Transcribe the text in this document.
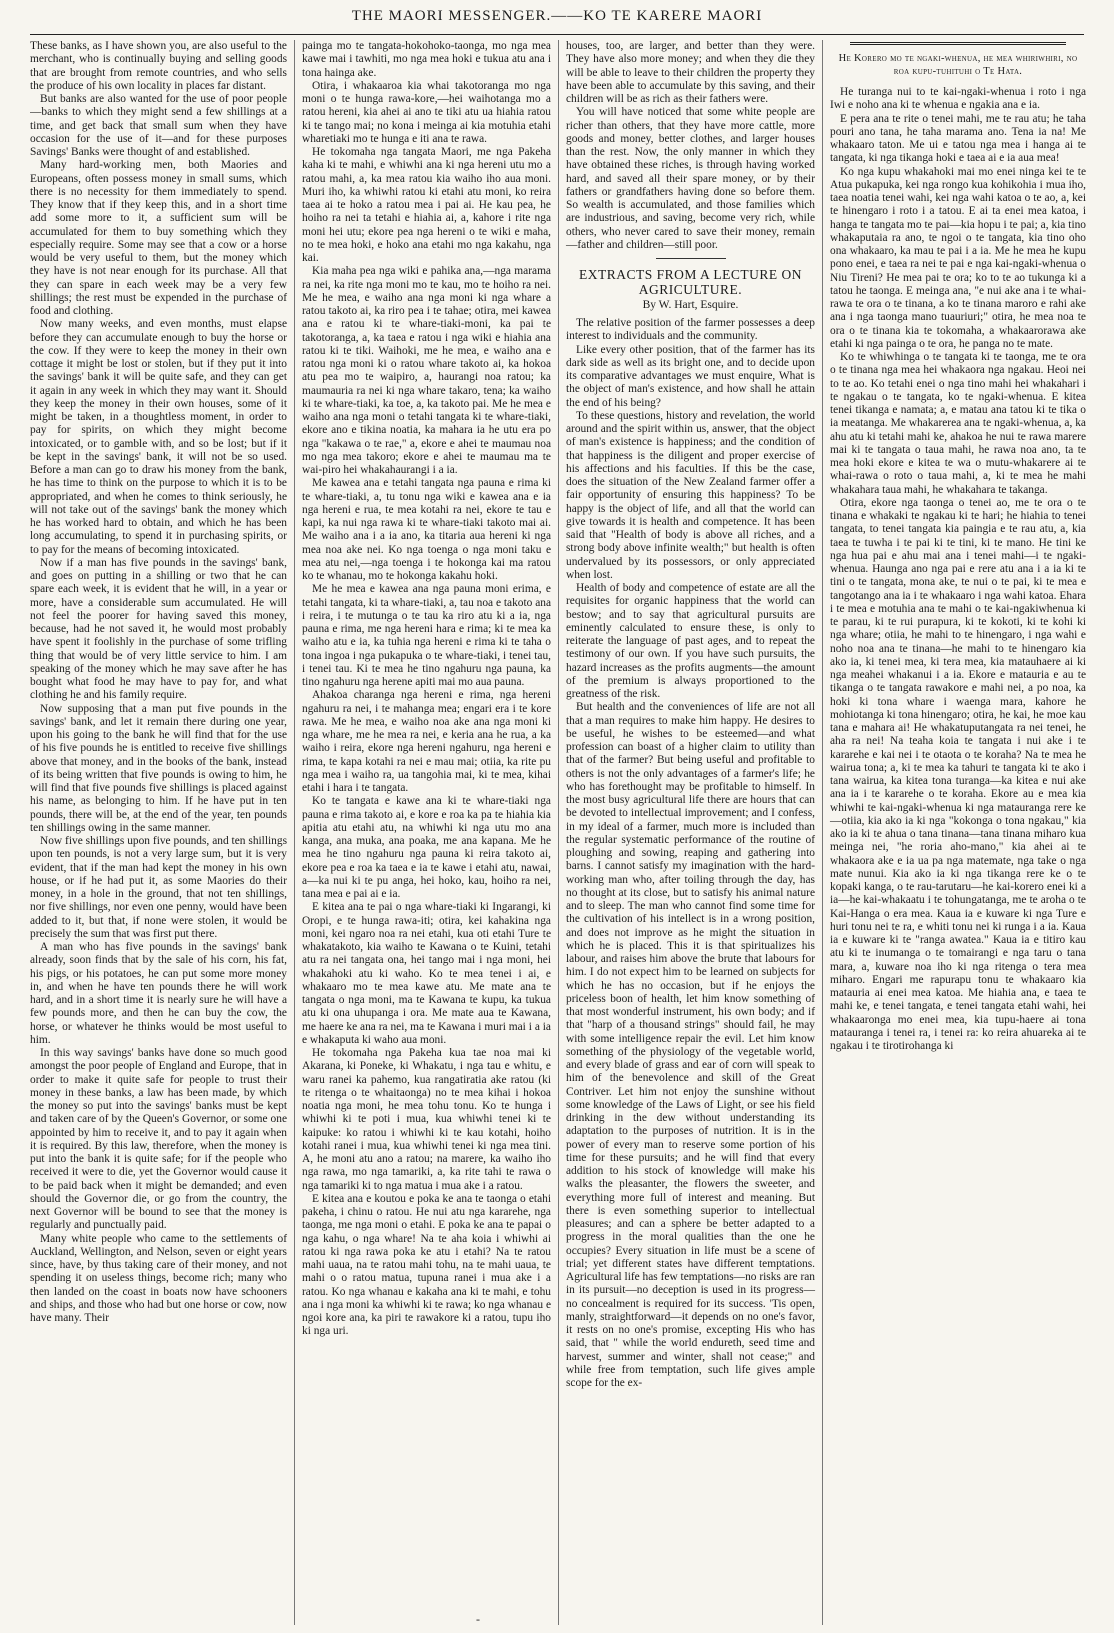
THE MAORI MESSENGER.——KO TE KARERE MAORI

These banks, as I have shown you, are also useful to the merchant, who is continually buying and selling goods that are brought from remote countries, and who sells the produce of his own locality in places far distant.

But banks are also wanted for the use of poor people—banks to which they might send a few shillings at a time, and get back that small sum when they have occasion for the use of it—and for these purposes Savings' Banks were thought of and established.

Many hard-working men, both Maories and Europeans, often possess money in small sums, which there is no necessity for them immediately to spend. They know that if they keep this, and in a short time add some more to it, a sufficient sum will be accumulated for them to buy something which they especially require. Some may see that a cow or a horse would be very useful to them, but the money which they have is not near enough for its purchase. All that they can spare in each week may be a very few shillings; the rest must be expended in the purchase of food and clothing.

Now many weeks, and even months, must elapse before they can accumulate enough to buy the horse or the cow. If they were to keep the money in their own cottage it might be lost or stolen, but if they put it into the savings' bank it will be quite safe, and they can get it again in any week in which they may want it. Should they keep the money in their own houses, some of it might be taken, in a thoughtless moment, in order to pay for spirits, on which they might become intoxicated, or to gamble with, and so be lost; but if it be kept in the savings' bank, it will not be so used. Before a man can go to draw his money from the bank, he has time to think on the purpose to which it is to be appropriated, and when he comes to think seriously, he will not take out of the savings' bank the money which he has worked hard to obtain, and which he has been long accumulating, to spend it in purchasing spirits, or to pay for the means of becoming intoxicated.

Now if a man has five pounds in the savings' bank, and goes on putting in a shilling or two that he can spare each week, it is evident that he will, in a year or more, have a considerable sum accumulated. He will not feel the poorer for having saved this money, because, had he not saved it, he would most probably have spent it foolishly in the purchase of some trifling thing that would be of very little service to him. I am speaking of the money which he may save after he has bought what food he may have to pay for, and what clothing he and his family require.

Now supposing that a man put five pounds in the savings' bank, and let it remain there during one year, upon his going to the bank he will find that for the use of his five pounds he is entitled to receive five shillings above that money, and in the books of the bank, instead of its being written that five pounds is owing to him, he will find that five pounds five shillings is placed against his name, as belonging to him. If he have put in ten pounds, there will be, at the end of the year, ten pounds ten shillings owing in the same manner.

Now five shillings upon five pounds, and ten shillings upon ten pounds, is not a very large sum, but it is very evident, that if the man had kept the money in his own house, or if he had put it, as some Maories do their money, in a hole in the ground, that not ten shillings, nor five shillings, nor even one penny, would have been added to it, but that, if none were stolen, it would be precisely the sum that was first put there.

A man who has five pounds in the savings' bank already, soon finds that by the sale of his corn, his fat, his pigs, or his potatoes, he can put some more money in, and when he have ten pounds there he will work hard, and in a short time it is nearly sure he will have a few pounds more, and then he can buy the cow, the horse, or whatever he thinks would be most useful to him.

In this way savings' banks have done so much good amongst the poor people of England and Europe, that in order to make it quite safe for people to trust their money in these banks, a law has been made, by which the money so put into the savings' banks must be kept and taken care of by the Queen's Governor, or some one appointed by him to receive it, and to pay it again when it is required. By this law, therefore, when the money is put into the bank it is quite safe; for if the people who received it were to die, yet the Governor would cause it to be paid back when it might be demanded; and even should the Governor die, or go from the country, the next Governor will be bound to see that the money is regularly and punctually paid.

Many white people who came to the settlements of Auckland, Wellington, and Nelson, seven or eight years since, have, by thus taking care of their money, and not spending it on useless things, become rich; many who then landed on the coast in boats now have schooners and ships, and those who had but one horse or cow, now have many. Their

painga mo te tangata-hokohoko-taonga, mo nga mea kawe mai i tawhiti, mo nga mea hoki e tukua atu ana i tona hainga ake.

Otira, i whakaaroa kia whai takotoranga mo nga moni o te hunga rawa-kore,—hei waihotanga mo a ratou hereni, kia ahei ai ano te tiki atu ua hiahia ratou ki te tango mai; no kona i meinga ai kia motuhia etahi wharetiaki mo te hunga e iti ana te rawa.

He tokomaha nga tangata Maori, me nga Pakeha kaha ki te mahi, e whiwhi ana ki nga hereni utu mo a ratou mahi, a, ka mea ratou kia waiho iho aua moni. Muri iho, ka whiwhi ratou ki etahi atu moni, ko reira taea ai te hoko a ratou mea i pai ai. He kau pea, he hoiho ra nei ta tetahi e hiahia ai, a, kahore i rite nga moni hei utu; ekore pea nga hereni o te wiki e maha, no te mea hoki, e hoko ana etahi mo nga kakahu, nga kai.

Kia maha pea nga wiki e pahika ana,—nga marama ra nei, ka rite nga moni mo te kau, mo te hoiho ra nei. Me he mea, e waiho ana nga moni ki nga whare a ratou takoto ai, ka riro pea i te tahae; otira, mei kawea ana e ratou ki te whare-tiaki-moni, ka pai te takotoranga, a, ka taea e ratou i nga wiki e hiahia ana ratou ki te tiki. Waihoki, me he mea, e waiho ana e ratou nga moni ki o ratou whare takoto ai, ka hokoa atu pea mo te waipiro, a, haurangi noa ratou; ka maumauria ra nei ki nga whare takaro, tena; ka waiho ki te whare-tiaki, ka toe, a, ka takoto pai. Me he mea e waiho ana nga moni o tetahi tangata ki te whare-tiaki, ekore ano e tikina noatia, ka mahara ia he utu era po nga "kakawa o te rae," a, ekore e ahei te maumau noa mo nga mea takoro; ekore e ahei te maumau ma te wai-piro hei whakahaurangi i a ia.

Me kawea ana e tetahi tangata nga pauna e rima ki te whare-tiaki, a, tu tonu nga wiki e kawea ana e ia nga hereni e rua, te mea kotahi ra nei, ekore te tau e kapi, ka nui nga rawa ki te whare-tiaki takoto mai ai. Me waiho ana i a ia ano, ka titaria aua hereni ki nga mea noa ake nei. Ko nga toenga o nga moni taku e mea atu nei,—nga toenga i te hokonga kai ma ratou ko te whanau, mo te hokonga kakahu hoki.

Me he mea e kawea ana nga pauna moni erima, e tetahi tangata, ki ta whare-tiaki, a, tau noa e takoto ana i reira, i te mutunga o te tau ka riro atu ki a ia, nga pauna e rima, me nga hereni hara e rima; ki te mea ka waiho atu e ia, ka tuhia nga hereni e rima ki te taha o tona ingoa i nga pukapuka o te whare-tiaki, i tenei tau, i tenei tau. Ki te mea he tino ngahuru nga pauna, ka tino ngahuru nga herene apiti mai mo aua pauna.

Ahakoa charanga nga hereni e rima, nga hereni ngahuru ra nei, i te mahanga mea; engari era i te kore rawa. Me he mea, e waiho noa ake ana nga moni ki nga whare, me he mea ra nei, e keria ana he rua, a ka waiho i reira, ekore nga hereni ngahuru, nga hereni e rima, te kapa kotahi ra nei e mau mai; otiia, ka rite pu nga mea i waiho ra, ua tangohia mai, ki te mea, kihai etahi i hara i te tangata.

Ko te tangata e kawe ana ki te whare-tiaki nga pauna e rima takoto ai, e kore e roa ka pa te hiahia kia apitia atu etahi atu, na whiwhi ki nga utu mo ana kanga, ana muka, ana poaka, me ana kapana. Me he mea he tino ngahuru nga pauna ki reira takoto ai, ekore pea e roa ka taea e ia te kawe i etahi atu, nawai, a—ka nui ki te pu anga, hei hoko, kau, hoiho ra nei, tana mea e pai ai e ia.

E kitea ana te pai o nga whare-tiaki ki Ingarangi, ki Oropi, e te hunga rawa-iti; otira, kei kahakina nga moni, kei ngaro noa ra nei etahi, kua oti etahi Ture te whakatakoto, kia waiho te Kawana o te Kuini, tetahi atu ra nei tangata ona, hei tango mai i nga moni, hei whakahoki atu ki waho. Ko te mea tenei i ai, e whakaaro mo te mea kawe atu. Me mate ana te tangata o nga moni, ma te Kawana te kupu, ka tukua atu ki ona uhupanga i ora. Me mate aua te Kawana, me haere ke ana ra nei, ma te Kawana i muri mai i a ia e whakaputa ki waho aua moni.

He tokomaha nga Pakeha kua tae noa mai ki Akarana, ki Poneke, ki Whakatu, i nga tau e whitu, e waru ranei ka pahemo, kua rangatiratia ake ratou (ki te ritenga o te whaitaonga) no te mea kihai i hokoa noatia nga moni, he mea tohu tonu. Ko te hunga i whiwhi ki te poti i mua, kua whiwhi tenei ki te kaipuke: ko ratou i whiwhi ki te kau kotahi, hoiho kotahi ranei i mua, kua whiwhi tenei ki nga mea tini. A, he moni atu ano a ratou; na marere, ka waiho iho nga rawa, mo nga tamariki, a, ka rite tahi te rawa o nga tamariki ki to nga matua i mua ake i a ratou.

E kitea ana e koutou e poka ke ana te taonga o etahi pakeha, i chinu o ratou. He nui atu nga kararehe, nga taonga, me nga moni o etahi. E poka ke ana te papai o nga kahu, o nga whare! Na te aha koia i whiwhi ai ratou ki nga rawa poka ke atu i etahi? Na te ratou mahi uaua, na te ratou mahi tohu, na te mahi uaua, te mahi o o ratou matua, tupuna ranei i mua ake i a ratou. Ko nga whanau e kakaha ana ki te mahi, e tohu ana i nga moni ka whiwhi ki te rawa; ko nga whanau e ngoi kore ana, ka piri te rawakore ki a ratou, tupu iho ki nga uri.

houses, too, are larger, and better than they were. They have also more money; and when they die they will be able to leave to their children the property they have been able to accumulate by this saving, and their children will be as rich as their fathers were.

You will have noticed that some white people are richer than others, that they have more cattle, more goods and money, better clothes, and larger houses than the rest. Now, the only manner in which they have obtained these riches, is through having worked hard, and saved all their spare money, or by their fathers or grandfathers having done so before them. So wealth is accumulated, and those families which are industrious, and saving, become very rich, while others, who never cared to save their money, remain—father and children—still poor.

EXTRACTS FROM A LECTURE ON AGRICULTURE.
By W. Hart, Esquire.

The relative position of the farmer possesses a deep interest to individuals and the community.

Like every other position, that of the farmer has its dark side as well as its bright one, and to decide upon its comparative advantages we must enquire, What is the object of man's existence, and how shall he attain the end of his being?

To these questions, history and revelation, the world around and the spirit within us, answer, that the object of man's existence is happiness; and the condition of that happiness is the diligent and proper exercise of his affections and his faculties. If this be the case, does the situation of the New Zealand farmer offer a fair opportunity of ensuring this happiness? To be happy is the object of life, and all that the world can give towards it is health and competence. It has been said that "Health of body is above all riches, and a strong body above infinite wealth;" but health is often undervalued by its possessors, or only appreciated when lost.

Health of body and competence of estate are all the requisites for organic happiness that the world can bestow; and to say that agricultural pursuits are eminently calculated to ensure these, is only to reiterate the language of past ages, and to repeat the testimony of our own. If you have such pursuits, the hazard increases as the profits augments—the amount of the premium is always proportioned to the greatness of the risk.

But health and the conveniences of life are not all that a man requires to make him happy. He desires to be useful, he wishes to be esteemed—and what profession can boast of a higher claim to utility than that of the farmer? But being useful and profitable to others is not the only advantages of a farmer's life; he who has forethought may be profitable to himself. In the most busy agricultural life there are hours that can be devoted to intellectual improvement; and I confess, in my ideal of a farmer, much more is included than the regular systematic performance of the routine of ploughing and sowing, reaping and gathering into barns. I cannot satisfy my imagination with the hard-working man who, after toiling through the day, has no thought at its close, but to satisfy his animal nature and to sleep. The man who cannot find some time for the cultivation of his intellect is in a wrong position, and does not improve as he might the situation in which he is placed. This it is that spiritualizes his labour, and raises him above the brute that labours for him. I do not expect him to be learned on subjects for which he has no occasion, but if he enjoys the priceless boon of health, let him know something of that most wonderful instrument, his own body; and if that "harp of a thousand strings" should fail, he may with some intelligence repair the evil. Let him know something of the physiology of the vegetable world, and every blade of grass and ear of corn will speak to him of the benevolence and skill of the Great Contriver. Let him not enjoy the sunshine without some knowledge of the Laws of Light, or see his field drinking in the dew without understanding its adaptation to the purposes of nutrition. It is in the power of every man to reserve some portion of his time for these pursuits; and he will find that every addition to his stock of knowledge will make his walks the pleasanter, the flowers the sweeter, and everything more full of interest and meaning. But there is even something superior to intellectual pleasures; and can a sphere be better adapted to a progress in the moral qualities than the one he occupies? Every situation in life must be a scene of trial; yet different states have different temptations. Agricultural life has few temptations—no risks are ran in its pursuit—no deception is used in its progress—no concealment is required for its success. 'Tis open, manly, straightforward—it depends on no one's favor, it rests on no one's promise, excepting His who has said, that " while the world endureth, seed time and harvest, summer and winter, shall not cease;" and while free from temptation, such life gives ample scope for the ex-

He Korero mo te ngaki-whenua, he mea whiriwhiri, no roa kupu-tuhituhi o Te Hata.

He turanga nui to te kai-ngaki-whenua i roto i nga Iwi e noho ana ki te whenua e ngakia ana e ia.

E pera ana te rite o tenei mahi, me te rau atu; he taha pouri ano tana, he taha marama ano. Tena ia na! Me whakaaro taton. Me ui e tatou nga mea i hanga ai te tangata, ki nga tikanga hoki e taea ai e ia aua mea!

Ko nga kupu whakahoki mai mo enei ninga kei te te Atua pukapuka, kei nga rongo kua kohikohia i mua iho, taea noatia tenei wahi, kei nga wahi katoa o te ao, a, kei te hinengaro i roto i a tatou. E ai ta enei mea katoa, i hanga te tangata mo te pai—kia hopu i te pai; a, kia tino whakaputaia ra ano, te ngoi o te tangata, kia tino oho ona whakaaro, ka mau te pai i a ia. Me he mea he kupu pono enei, e taea ra nei te pai e nga kai-ngaki-whenua o Niu Tireni? He mea pai te ora; ko to te ao tukunga ki a tatou he taonga. E meinga ana, "e nui ake ana i te whai-rawa te ora o te tinana, a ko te tinana maroro e rahi ake ana i nga taonga mano tuauriuri;" otira, he mea noa te ora o te tinana kia te tokomaha, a whakaarorawa ake etahi ki nga painga o te ora, he panga no te mate.

Ko te whiwhinga o te tangata ki te taonga, me te ora o te tinana nga mea hei whakaora nga ngakau. Heoi nei to te ao. Ko tetahi enei o nga tino mahi hei whakahari i te ngakau o te tangata, ko te ngaki-whenua. E kitea tenei tikanga e namata; a, e matau ana tatou ki te tika o ia meatanga. Me whakarerea ana te ngaki-whenua, a, ka ahu atu ki tetahi mahi ke, ahakoa he nui te rawa marere mai ki te tangata o taua mahi, he rawa noa ano, ta te mea hoki ekore e kitea te wa o mutu-whakarere ai te whai-rawa o roto o taua mahi, a, ki te mea he mahi whakahara taua mahi, he whakahara te takanga.

Otira, ekore nga taonga o tenei ao, me te ora o te tinana e whakaki te ngakau ki te hari; he hiahia to tenei tangata, to tenei tangata kia paingia e te rau atu, a, kia taea te tuwha i te pai ki te tini, ki te mano. He tini ke nga hua pai e ahu mai ana i tenei mahi—i te ngaki-whenua. Haunga ano nga pai e rere atu ana i a ia ki te tini o te tangata, mona ake, te nui o te pai, ki te mea e tangotango ana ia i te whakaaro i nga wahi katoa. Ehara i te mea e motuhia ana te mahi o te kai-ngakiwhenua ki te parau, ki te rui purapura, ki te kokoti, ki te kohi ki nga whare; otiia, he mahi to te hinengaro, i nga wahi e noho noa ana te tinana—he mahi to te hinengaro kia ako ia, ki tenei mea, ki tera mea, kia matauhaere ai ki nga meahei whakanui i a ia. Ekore e matauria e au te tikanga o te tangata rawakore e mahi nei, a po noa, ka hoki ki tona whare i waenga mara, kahore he mohiotanga ki tona hinengaro; otira, he kai, he moe kau tana e mahara ai! He whakatuputangata ra nei tenei, he aha ra nei! Na teaha koia te tangata i nui ake i te kararehe e kai nei i te otaota o te koraha? Na te mea he wairua tona; a, ki te mea ka tahuri te tangata ki te ako i tana wairua, ka kitea tona turanga—ka kitea e nui ake ana ia i te kararehe o te koraha. Ekore au e mea kia whiwhi te kai-ngaki-whenua ki nga matauranga rere ke—otiia, kia ako ia ki nga "kokonga o tona ngakau," kia ako ia ki te ahua o tana tinana—tana tinana miharo kua meinga nei, "he roria aho-mano," kia ahei ai te whakaora ake e ia ua pa nga matemate, nga take o nga mate nunui. Kia ako ia ki nga tikanga rere ke o te kopaki kanga, o te rau-tarutaru—he kai-korero enei ki a ia—he kai-whakaatu i te tohungatanga, me te aroha o te Kai-Hanga o era mea. Kaua ia e kuware ki nga Ture e huri tonu nei te ra, e whiti tonu nei ki runga i a ia. Kaua ia e kuware ki te "ranga awatea." Kaua ia e titiro kau atu ki te inumanga o te tomairangi e nga taru o tana mara, a, kuware noa iho ki nga ritenga o tera mea miharo. Engari me rapurapu tonu te whakaaro kia matauria ai enei mea katoa. Me hiahia ana, e taea te mahi ke, e tenei tangata, e tenei tangata etahi wahi, hei whakaaronga mo enei mea, kia tupu-haere ai tona matauranga i tenei ra, i tenei ra: ko reira ahuareka ai te ngakau i te tirotirohanga ki

-
